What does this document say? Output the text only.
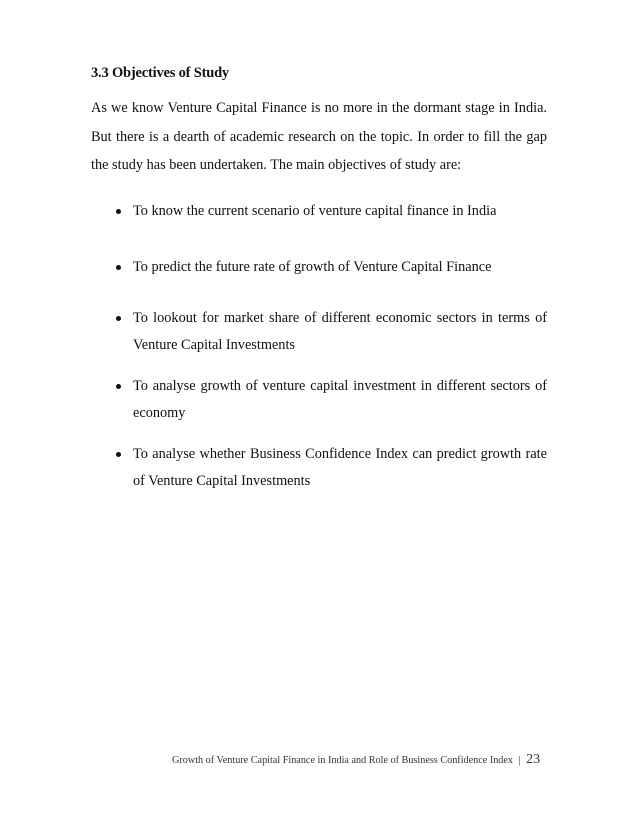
3.3 Objectives of Study

As we know Venture Capital Finance is no more in the dormant stage in India. But there is a dearth of academic research on the topic. In order to fill the gap the study has been undertaken. The main objectives of study are:

To know the current scenario of venture capital finance in India
To predict the future rate of growth of Venture Capital Finance
To lookout for market share of different economic sectors in terms of Venture Capital Investments
To analyse growth of venture capital investment in different sectors of economy
To analyse whether Business Confidence Index can predict growth rate of Venture Capital Investments
Growth of Venture Capital Finance in India and Role of Business Confidence Index | 23
